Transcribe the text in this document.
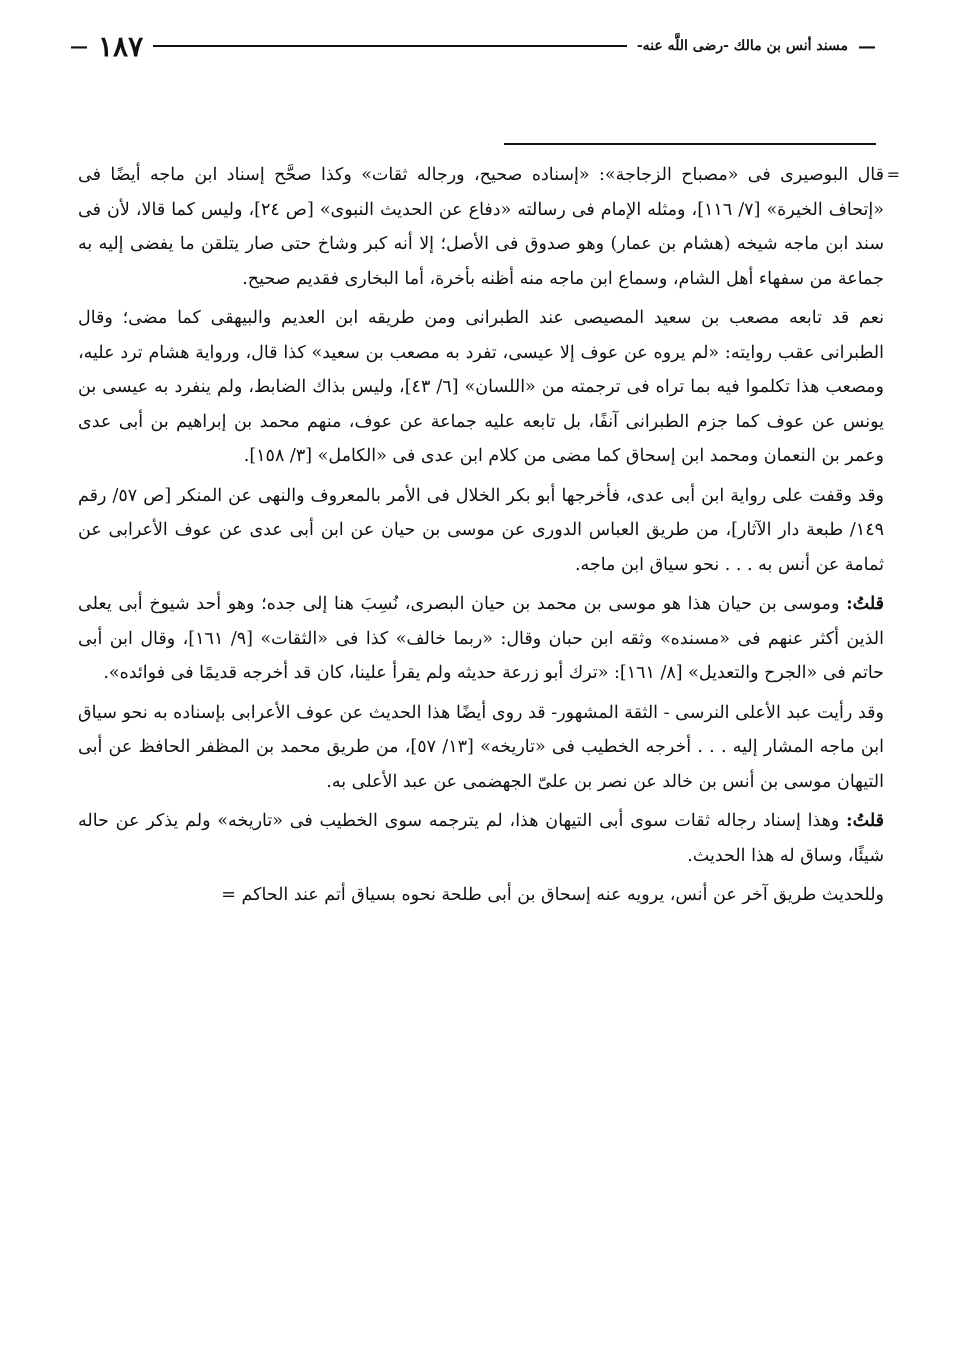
—
مسند أنس بن مالك -رضى اللَّه عنه-
١٨٧
—

=
قال البوصيرى فى «مصباح الزجاجة»: «إسناده صحيح، ورجاله ثقات» وكذا صحَّح إسناد ابن ماجه أيضًا فى «إتحاف الخيرة» [٧/ ١١٦]، ومثله الإمام فى رسالته «دفاع عن الحديث النبوى» [ص ٢٤]، وليس كما قالا، لأن فى سند ابن ماجه شيخه (هشام بن عمار) وهو صدوق فى الأصل؛ إلا أنه كبر وشاخ حتى صار يتلقن ما يفضى إليه به جماعة من سفهاء أهل الشام، وسماع ابن ماجه منه أظنه بأخرة، أما البخارى فقديم صحيح.

نعم قد تابعه مصعب بن سعيد المصيصى عند الطبرانى ومن طريقه ابن العديم والبيهقى كما مضى؛ وقال الطبرانى عقب روايته: «لم يروه عن عوف إلا عيسى، تفرد به مصعب بن سعيد» كذا قال، ورواية هشام ترد عليه، ومصعب هذا تكلموا فيه بما تراه فى ترجمته من «اللسان» [٦/ ٤٣]، وليس بذاك الضابط، ولم ينفرد به عيسى بن يونس عن عوف كما جزم الطبرانى آنفًا، بل تابعه عليه جماعة عن عوف، منهم محمد بن إبراهيم بن أبى عدى وعمر بن النعمان ومحمد ابن إسحاق كما مضى من كلام ابن عدى فى «الكامل» [٣/ ١٥٨].

وقد وقفت على رواية ابن أبى عدى، فأخرجها أبو بكر الخلال فى الأمر بالمعروف والنهى عن المنكر [ص ٥٧/ رقم ١٤٩/ طبعة دار الآثار]، من طريق العباس الدورى عن موسى بن حيان عن ابن أبى عدى عن عوف الأعرابى عن ثمامة عن أنس به . . . نحو سياق ابن ماجه.

قلتُ: وموسى بن حيان هذا هو موسى بن محمد بن حيان البصرى، نُسِبَ هنا إلى جده؛ وهو أحد شيوخ أبى يعلى الذين أكثر عنهم فى «مسنده» وثقه ابن حبان وقال: «ربما خالف» كذا فى «الثقات» [٩/ ١٦١]، وقال ابن أبى حاتم فى «الجرح والتعديل» [٨/ ١٦١]: «ترك أبو زرعة حديثه ولم يقرأ علينا، كان قد أخرجه قديمًا فى فوائده».

وقد رأيت عبد الأعلى النرسى - الثقة المشهور- قد روى أيضًا هذا الحديث عن عوف الأعرابى بإسناده به نحو سياق ابن ماجه المشار إليه . . . أخرجه الخطيب فى «تاريخه» [١٣/ ٥٧]، من طريق محمد بن المظفر الحافظ عن أبى التيهان موسى بن أنس بن خالد عن نصر بن علىّ الجهضمى عن عبد الأعلى به.

قلتُ: وهذا إسناد رجاله ثقات سوى أبى التيهان هذا، لم يترجمه سوى الخطيب فى «تاريخه» ولم يذكر عن حاله شيئًا، وساق له هذا الحديث.

وللحديث طريق آخر عن أنس، يرويه عنه إسحاق بن أبى طلحة نحوه بسياق أتم عند الحاكم =
